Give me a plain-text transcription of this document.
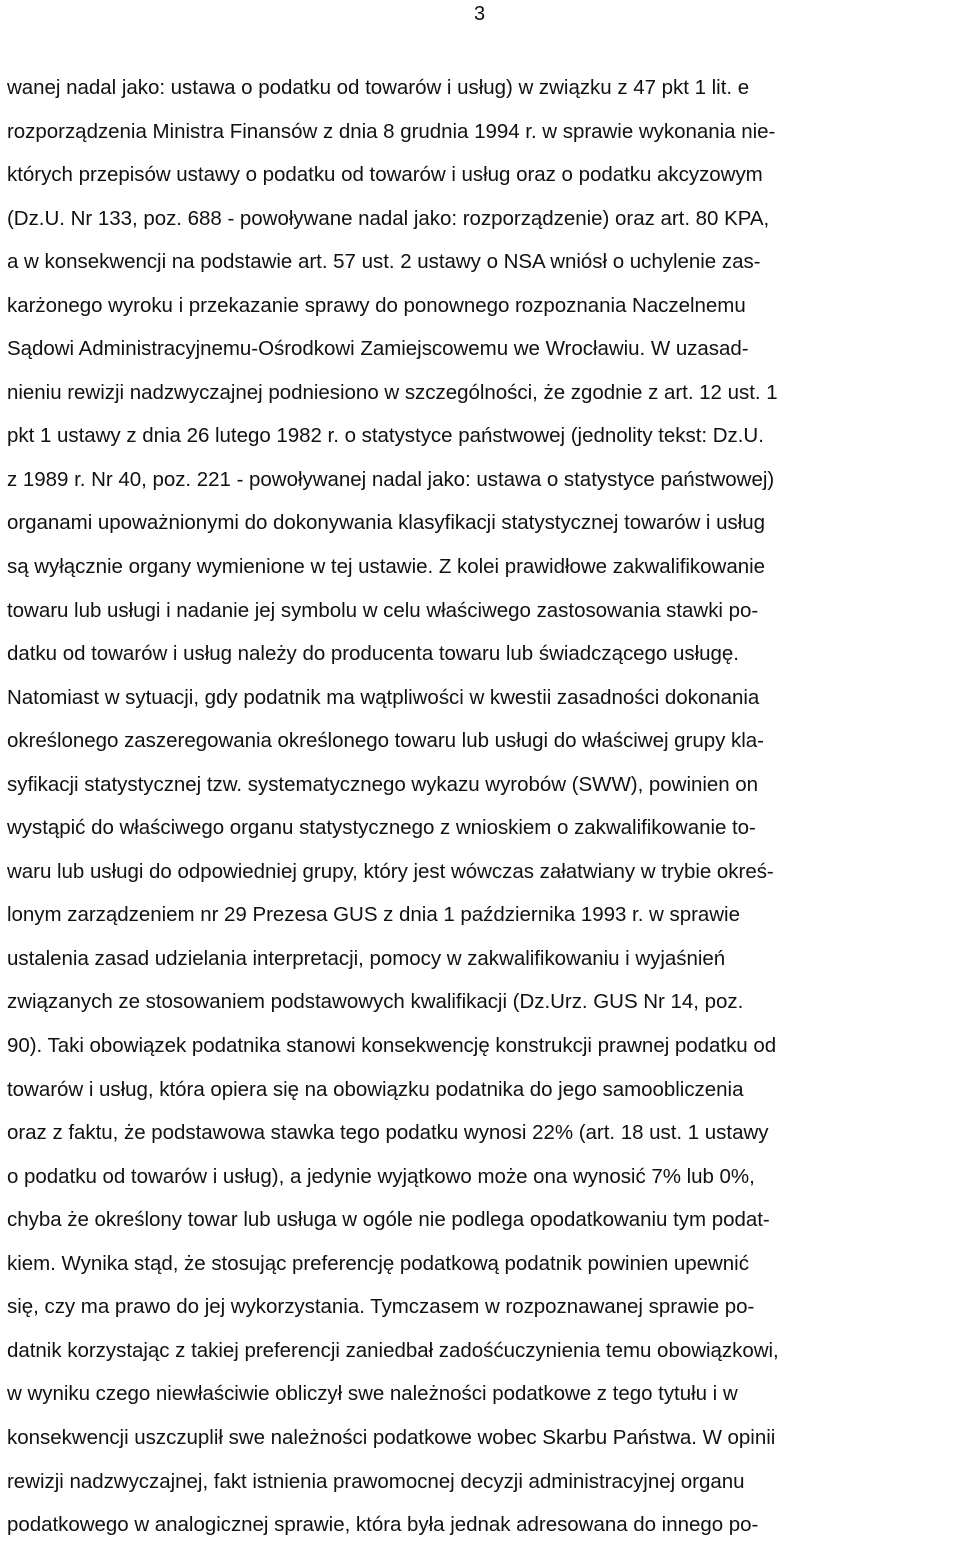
3
wanej nadal jako: ustawa o podatku od towarów i usług) w związku z 47 pkt 1 lit. e
rozporządzenia Ministra Finansów z dnia 8 grudnia 1994 r. w sprawie wykonania nie-
których przepisów ustawy o podatku od towarów i usług oraz o podatku akcyzowym
(Dz.U. Nr 133, poz. 688 - powoływane nadal jako: rozporządzenie) oraz art. 80 KPA,
a w konsekwencji na podstawie art. 57 ust. 2 ustawy o NSA wniósł o uchylenie zas-
karżonego wyroku i przekazanie sprawy do ponownego rozpoznania Naczelnemu
Sądowi Administracyjnemu-Ośrodkowi Zamiejscowemu we Wrocławiu. W uzasad-
nieniu rewizji nadzwyczajnej podniesiono w szczególności, że zgodnie z art. 12 ust. 1
pkt 1 ustawy z dnia 26 lutego 1982 r. o statystyce państwowej (jednolity tekst: Dz.U.
z 1989 r. Nr 40, poz. 221 - powoływanej nadal jako: ustawa o statystyce państwowej)
organami upoważnionymi do dokonywania klasyfikacji statystycznej towarów i usług
są wyłącznie organy wymienione w tej ustawie. Z kolei prawidłowe zakwalifikowanie
towaru lub usługi i nadanie jej symbolu w celu właściwego zastosowania stawki po-
datku od towarów i usług należy do producenta towaru lub świadczącego usługę.
Natomiast w sytuacji, gdy podatnik ma wątpliwości w kwestii zasadności dokonania
określonego zaszeregowania określonego towaru lub usługi do właściwej grupy kla-
syfikacji statystycznej tzw. systematycznego wykazu wyrobów (SWW), powinien on
wystąpić do właściwego organu statystycznego z wnioskiem o zakwalifikowanie to-
waru lub usługi do odpowiedniej grupy, który jest wówczas załatwiany w trybie okreś-
lonym zarządzeniem nr 29 Prezesa GUS z dnia 1 października 1993 r. w sprawie
ustalenia zasad udzielania interpretacji, pomocy w zakwalifikowaniu i wyjaśnień
związanych ze stosowaniem podstawowych kwalifikacji (Dz.Urz. GUS Nr 14, poz.
90). Taki obowiązek podatnika stanowi konsekwencję konstrukcji prawnej podatku od
towarów i usług, która opiera się na obowiązku podatnika do jego samoobliczenia
oraz z faktu, że podstawowa stawka tego podatku wynosi 22% (art. 18 ust. 1 ustawy
o podatku od towarów i usług), a jedynie wyjątkowo może ona wynosić 7% lub 0%,
chyba że określony towar lub usługa w ogóle nie podlega opodatkowaniu tym podat-
kiem. Wynika stąd, że stosując preferencję podatkową podatnik powinien upewnić
się, czy ma prawo do jej wykorzystania. Tymczasem w rozpoznawanej sprawie po-
datnik korzystając z takiej preferencji zaniedbał zadośćuczynienia temu obowiązkowi,
w wyniku czego niewłaściwie obliczył swe należności podatkowe z tego tytułu i w
konsekwencji uszczuplił swe należności podatkowe wobec Skarbu Państwa. W opinii
rewizji nadzwyczajnej, fakt istnienia prawomocnej decyzji administracyjnej organu
podatkowego w analogicznej sprawie, która była jednak adresowana do innego po-
